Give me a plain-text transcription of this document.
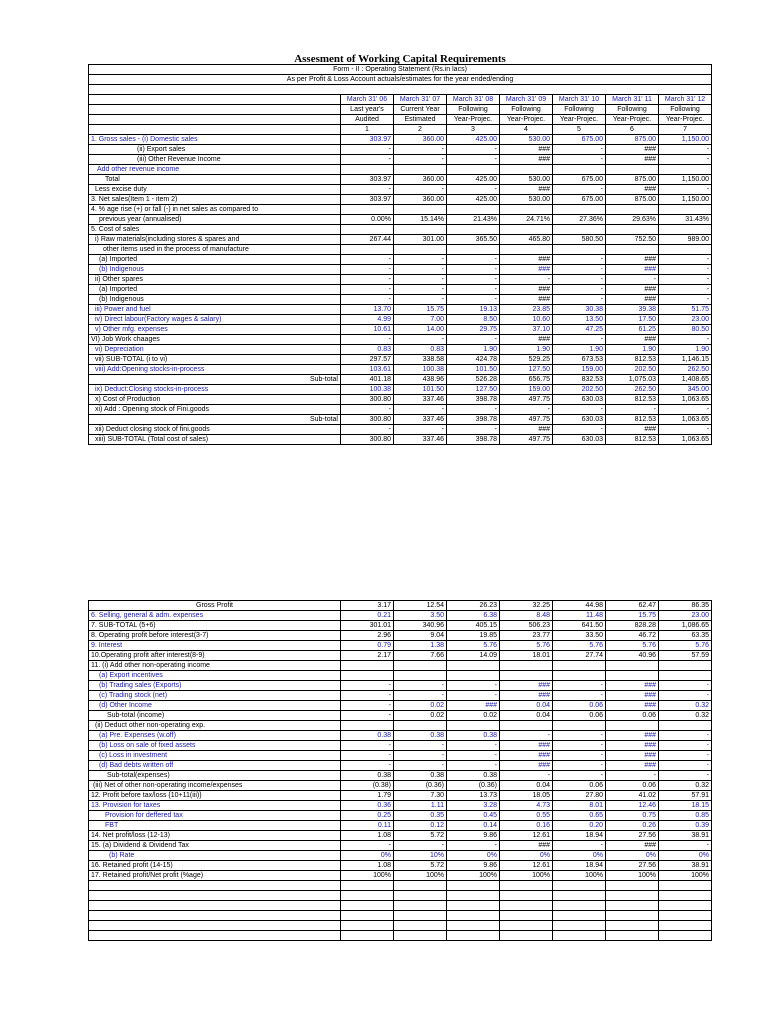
Assesment of Working Capital Requirements							
Form - II : Operating Statement (Rs.in lacs)							
As per Profit & Loss Account actuals/estimates for the year ended/ending							

	March 31' 06	March 31' 07	March 31' 08	March 31' 09	March 31' 10	March 31' 11	March 31' 12
	Last year's	Current Year	Following	Following	Following	Following	Following
	Audited	Estimated	Year-Projec.	Year-Projec.	Year-Projec.	Year-Projec.	Year-Projec.
	1	2	3	4	5	6	7
1. Gross sales - (i) Domestic sales	303.97	360.00	425.00	530.00	675.00	875.00	1,150.00
(ii) Export sales	-	-	-	###	-	###	-
(iii) Other Revenue Income	-	-	-	###	-	###	-
Add other revenue income							
Total	303.97	360.00	425.00	530.00	675.00	875.00	1,150.00
Less excise duty	-	-	-	###	-	###	-
3. Net sales(Item 1 - item 2)	303.97	360.00	425.00	530.00	675.00	875.00	1,150.00
4. % age rise (+) or fall (-) in net sales as compared to							
previous year (annualised)	0.00%	15.14%	21.43%	24.71%	27.36%	29.63%	31.43%
5. Cost of sales							
i) Raw materials(including stores & spares and	267.44	301.00	365.50	465.80	580.50	752.50	989.00
other items used in the process of manufacture							
(a) Imported	-	-	-	###	-	###	-
(b) Indigenous	-	-	-	###	-	###	-
ii) Other spares	-	-	-	-	-	-	-
(a) Imported	-	-	-	###	-	###	-
(b) Indigenous	-	-	-	###	-	###	-
iii) Power and fuel	13.70	15.75	19.13	23.85	30.38	39.38	51.75
iv) Direct labour(Factory wages & salary)	4.99	7.00	8.50	10.60	13.50	17.50	23.00
v) Other mfg. expenses	10.61	14.00	29.75	37.10	47.25	61.25	80.50
VI) Job Work chaages	-	-	-	###	-	###	-
vi) Depreciation	0.83	0.83	1.90	1.90	1.90	1.90	1.90
vii) SUB-TOTAL (i to vi)	297.57	338.58	424.78	529.25	673.53	812.53	1,146.15
viii) Add:Opening stocks-in-process	103.61	100.38	101.50	127.50	159.00	202.50	262.50
Sub-total	401.18	438.96	526.28	656.75	832.53	1,075.03	1,408.65
ix) Deduct:Closing stocks-in-process	100.38	101.50	127.50	159.00	202.50	262.50	345.00
x) Cost of Production	300.80	337.46	398.78	497.75	630.03	812.53	1,063.65
xi) Add : Opening stock of Fini.goods	-	-	-	-	-	-	-
Sub-total	300.80	337.46	398.78	497.75	630.03	812.53	1,063.65
xii) Deduct closing stock of fini.goods	-	-	-	###	-	###	-
xiii) SUB-TOTAL (Total cost of sales)	300.80	337.46	398.78	497.75	630.03	812.53	1,063.65
Gross Profit	3.17	12.54	26.23	32.25	44.98	62.47	86.35
6. Selling, general & adm. expenses	0.21	3.50	6.38	8.48	11.48	15.75	23.00
7. SUB-TOTAL (5+6)	301.01	340.96	405.15	506.23	641.50	828.28	1,086.65
8. Operating profit before interest(3-7)	2.96	9.04	19.85	23.77	33.50	46.72	63.35
9. Interest	0.79	1.38	5.76	5.76	5.76	5.76	5.76
10.Operating profit after interest(8-9)	2.17	7.66	14.09	18.01	27.74	40.96	57.59
11. (i) Add other non-operating income							
(a) Export incentives							
(b) Trading sales (Exports)	-	-	-	###	-	###	-
(c) Trading stock (net)	-	-	-	###	-	###	-
(d) Other Income	-	0.02	###	0.04	0.06	###	0.32
Sub-total (income)	-	0.02	0.02	0.04	0.06	0.06	0.32
(ii) Deduct other non-operating exp.							
(a) Pre. Expenses (w.off)	0.38	0.38	0.38	-	-	###	-
(b) Loss on sale of fixed assets	-	-	-	###	-	###	-
(c) Loss in investment	-	-	-	###	-	###	-
(d) Bad debts written off	-	-	-	###	-	###	-
Sub-total(expenses)	0.38	0.38	0.38	-	-	-	-
(iii) Net of other non-operating income/expenses	(0.38)	(0.36)	(0.36)	0.04	0.06	0.06	0.32
12. Profit before tax/loss {10+11(iii)}	1.79	7.30	13.73	18.05	27.80	41.02	57.91
13. Provision for taxes	0.36	1.11	3.28	4.73	8.01	12.46	18.15
Provision for deffered tax	0.25	0.35	0.45	0.55	0.65	0.75	0.85
FBT	0.11	0.12	0.14	0.16	0.20	0.26	0.39
14. Net profit/loss (12-13)	1.08	5.72	9.86	12.61	18.94	27.56	38.91
15. (a) Dividend & Dividend Tax	-	-	-	###	-	###	-
(b) Rate	0%	10%	0%	0%	0%	0%	0%
16. Retained profit (14-15)	1.08	5.72	9.86	12.61	18.94	27.56	38.91
17. Retained profit/Net profit (%age)	100%	100%	100%	100%	100%	100%	100%
